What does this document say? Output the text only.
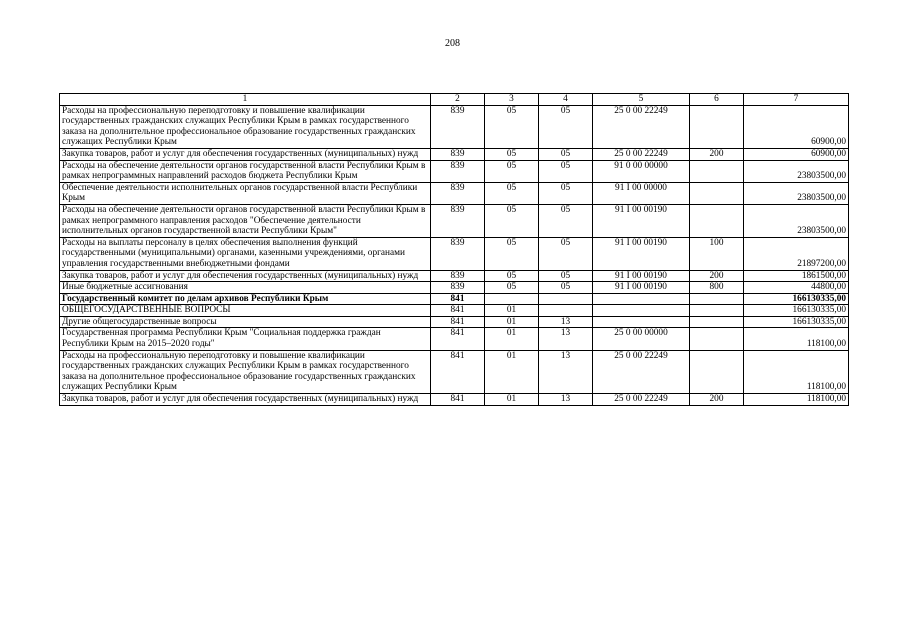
208
1	2	3	4	5	6	7
Расходы на профессиональную переподготовку и повышение квалификации государственных гражданских служащих Республики Крым в рамках государственного заказа на дополнительное профессиональное образование государственных гражданских служащих Республики Крым	839	05	05	25 0 00 22249		60900,00
Закупка товаров, работ и услуг для обеспечения государственных (муниципальных) нужд	839	05	05	25 0 00 22249	200	60900,00
Расходы на обеспечение деятельности органов государственной власти Республики Крым в рамках непрограммных направлений расходов бюджета Республики Крым	839	05	05	91 0 00 00000		23803500,00
Обеспечение деятельности исполнительных органов государственной власти Республики Крым	839	05	05	91 I 00 00000		23803500,00
Расходы на обеспечение деятельности органов государственной власти Республики Крым в рамках непрограммного направления расходов "Обеспечение деятельности исполнительных органов государственной власти Республики Крым"	839	05	05	91 I 00 00190		23803500,00
Расходы на выплаты персоналу в целях обеспечения выполнения функций государственными (муниципальными) органами, казенными учреждениями, органами управления государственными внебюджетными фондами	839	05	05	91 I 00 00190	100	21897200,00
Закупка товаров, работ и услуг для обеспечения государственных (муниципальных) нужд	839	05	05	91 I 00 00190	200	1861500,00
Иные бюджетные ассигнования	839	05	05	91 I 00 00190	800	44800,00
Государственный комитет по делам архивов Республики Крым	841					166130335,00
ОБЩЕГОСУДАРСТВЕННЫЕ ВОПРОСЫ	841	01				166130335,00
Другие общегосударственные вопросы	841	01	13			166130335,00
Государственная программа Республики Крым "Социальная поддержка граждан Республики Крым на 2015–2020 годы"	841	01	13	25 0 00 00000		118100,00
Расходы на профессиональную переподготовку и повышение квалификации государственных гражданских служащих Республики Крым в рамках государственного заказа на дополнительное профессиональное образование государственных гражданских служащих Республики Крым	841	01	13	25 0 00 22249		118100,00
Закупка товаров, работ и услуг для обеспечения государственных (муниципальных) нужд	841	01	13	25 0 00 22249	200	118100,00
